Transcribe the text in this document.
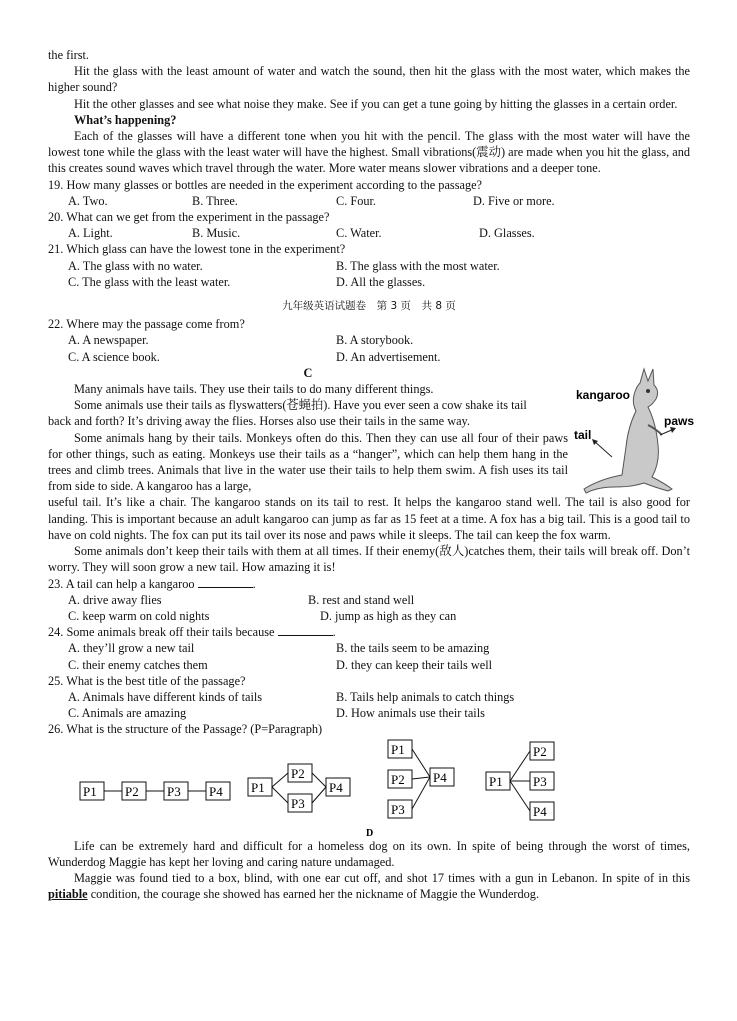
the first.

Hit the glass with the least amount of water and watch the sound, then hit the glass with the most water, which makes the higher sound?

Hit the other glasses and see what noise they make. See if you can get a tune going by hitting the glasses in a certain order.

What’s happening?

Each of the glasses will have a different tone when you hit with the pencil. The glass with the most water will have the lowest tone while the glass with the least water will have the highest. Small vibrations(震动) are made when you hit the glass, and this creates sound waves which travel through the water. More water means slower vibrations and a deeper tone.

19. How many glasses or bottles are needed in the experiment according to the passage?

A. Two.	B. Three.	C. Four.	D. Five or more.

20. What can we get from the experiment in the passage?

A. Light.	B. Music.	C. Water.	D. Glasses.

21. Which glass can have the lowest tone in the experiment?

A. The glass with no water.	B. The glass with the most water.
C. The glass with the least water.	D. All the glasses.
九年级英语试题卷　第 3 页　共 8 页

22. Where may the passage come from?

A. A newspaper.	B. A storybook.
C. A science book.	D. An advertisement.
kangaroo
tail
paws

C

Many animals have tails. They use their tails to do many different things.

Some animals use their tails as flyswatters(苍蝇拍). Have you ever seen a cow shake its tail

back and forth? It’s driving away the flies. Horses also use their tails in the same way.

Some animals hang by their tails. Monkeys often do this. Then they can use all four of their paws for other things, such as eating. Monkeys use their tails as a “hanger”, which can help them hang in the trees and climb trees. Animals that live in the water use their tails to help them swim. A fish uses its tail from side to side. A kangaroo has a large,

useful tail. It’s like a chair. The kangaroo stands on its tail to rest. It helps the kangaroo stand well. The tail is also good for landing. This is important because an adult kangaroo can jump as far as 15 feet at a time. A fox has a big tail. This is a good tail to have on cold nights. The fox can put its tail over its nose and paws while it sleeps. The tail can keep the fox warm.

Some animals don’t keep their tails with them at all times. If their enemy(敌人)catches them, their tails will break off. Don’t worry. They will soon grow a new tail. How amazing it is!

23. A tail can help a kangaroo	.

A. drive away flies	B. rest and stand well
C. keep warm on cold nights	D. jump as high as they can

24. Some animals break off their tails because	.

A. they’ll grow a new tail	B. the tails seem to be amazing
C. their enemy catches them	D. they can keep their tails well

25. What is the best title of the passage?

A. Animals have different kinds of tails	B. Tails help animals to catch things
C. Animals are amazing	D. How animals use their tails

26. What is the structure of the Passage? (P=Paragraph)

P1 P2 P3 P4 P1
P2
P3
P4
P1
P2
P3
P4	P1
P2
P3
P4
D

Life can be extremely hard and difficult for a homeless dog on its own. In spite of being through the worst of times, Wunderdog Maggie has kept her loving and caring nature undamaged.

Maggie was found tied to a box, blind, with one ear cut off, and shot 17 times with a gun in Lebanon. In spite of in this pitiable condition, the courage she showed has earned her the nickname of Maggie the Wunderdog.
